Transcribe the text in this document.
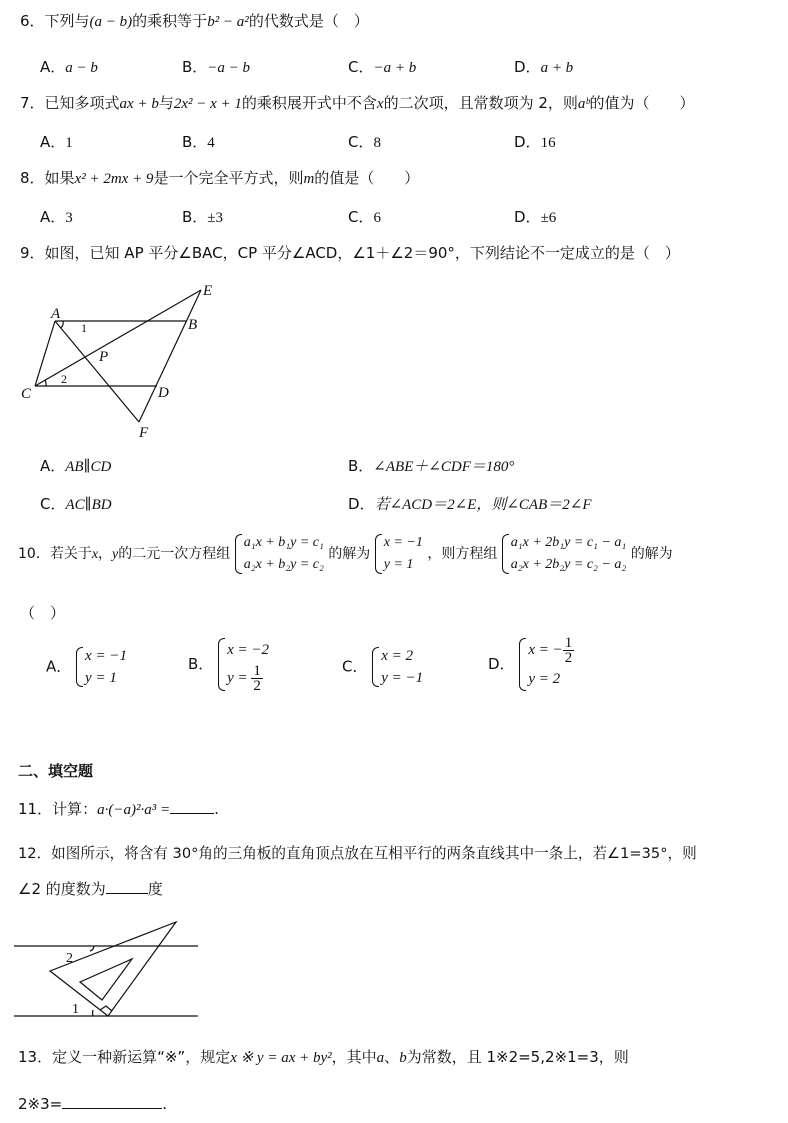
6．下列与(a − b)的乘积等于b² − a²的代数式是（　）
A．a − b	B．−a − b	C．−a + b	D．a + b
7．已知多项式ax + b与2x² − x + 1的乘积展开式中不含x的二次项，且常数项为 2，则aᵇ的值为（　　）
A．1	B．4	C．8	D．16
8．如果x² + 2mx + 9是一个完全平方式，则m的值是（　　）
A．3	B．±3	C．6	D．±6
9．如图，已知 AP 平分∠BAC，CP 平分∠ACD，∠1＋∠2＝90°，下列结论不一定成立的是（　）
A
B
C	D
E
F
P
1
2
A．AB∥CD	B．∠ABE＋∠CDF＝180°
C．AC∥BD	D．若∠ACD＝2∠E，则∠CAB＝2∠F
10．若关于x，y的二元一次方程组 a₁x + b₁y = c₁
a₂x + b₂y = c₂ 的解为 x = −1
y = 1 ，则方程组 a₁x + 2b₁y = c₁ − a₁
a₂x + 2b₂y = c₂ − a₂ 的解为
（　）
A． x = −1
y = 1
B． x = −2
$y = \frac{1}{2}$	C． x = 2
y = −1
D． x = − $\frac{1}{2}$

y = 2
二、填空题
11．计算：a·(−a)²·a³ =	.
12．如图所示，将含有 30°角的三角板的直角顶点放在互相平行的两条直线其中一条上，若∠1=35°，则
∠2 的度数为	度
2
1
13．定义一种新运算“※”，规定x ※ y = ax + by²，其中a、b为常数，且 1※2=5,2※1=3，则
2※3=	.
